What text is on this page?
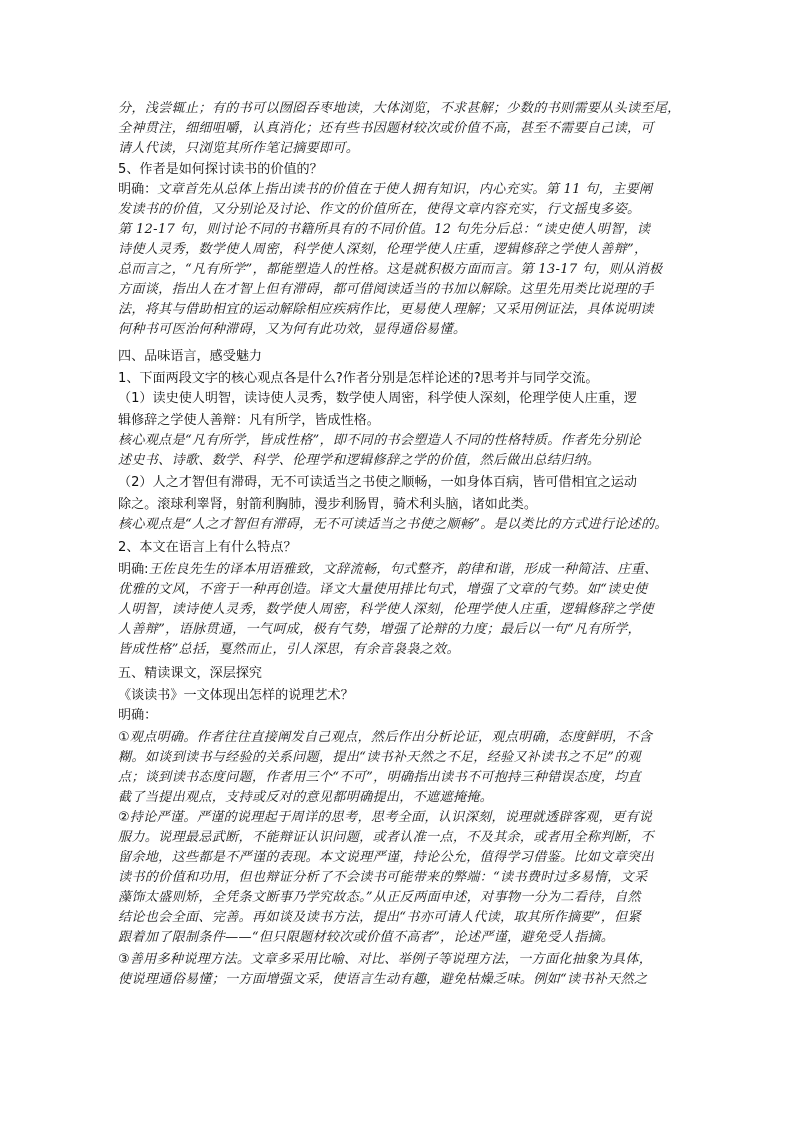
分，浅尝辄止；有的书可以囫囵吞枣地读，大体浏览，不求甚解；少数的书则需要从头读至尾，
全神贯注，细细咀嚼，认真消化；还有些书因题材较次或价值不高，甚至不需要自己读，可
请人代读，只浏览其所作笔记摘要即可。
5、作者是如何探讨读书的价值的？
明确：文章首先从总体上指出读书的价值在于使人拥有知识，内心充实。第 11 句，主要阐
发读书的价值，又分别论及讨论、作文的价值所在，使得文章内容充实，行文摇曳多姿。
第 12-17 句，则讨论不同的书籍所具有的不同价值。12 句先分后总：“读史使人明智，读
诗使人灵秀，数学使人周密，科学使人深刻，伦理学使人庄重，逻辑修辞之学使人善辩”，
总而言之，“凡有所学”，都能塑造人的性格。这是就积极方面而言。第 13-17 句，则从消极
方面谈，指出人在才智上但有滞碍，都可借阅读适当的书加以解除。这里先用类比说理的手
法，将其与借助相宜的运动解除相应疾病作比，更易使人理解；又采用例证法，具体说明读
何种书可医治何种滞碍，又为何有此功效，显得通俗易懂。
四、品味语言，感受魅力
1、下面两段文字的核心观点各是什么?作者分别是怎样论述的?思考并与同学交流。
（1）读史使人明智，读诗使人灵秀，数学使人周密，科学使人深刻，伦理学使人庄重，逻
辑修辞之学使人善辩：凡有所学，皆成性格。
核心观点是“凡有所学，皆成性格”，即不同的书会塑造人不同的性格特质。作者先分别论
述史书、诗歌、数学、科学、伦理学和逻辑修辞之学的价值，然后做出总结归纳。
（2）人之才智但有滞碍，无不可读适当之书使之顺畅，一如身体百病，皆可借相宜之运动
除之。滚球利睾肾，射箭利胸肺，漫步利肠胃，骑术利头脑，诸如此类。
核心观点是“人之才智但有滞碍，无不可读适当之书使之顺畅”。是以类比的方式进行论述的。
2、本文在语言上有什么特点？
明确:王佐良先生的译本用语雅致，文辞流畅，句式整齐，韵律和谐，形成一种简洁、庄重、
优雅的文风，不啻于一种再创造。译文大量使用排比句式，增强了文章的气势。如“读史使
人明智，读诗使人灵秀，数学使人周密，科学使人深刻，伦理学使人庄重，逻辑修辞之学使
人善辩”，语脉贯通，一气呵成，极有气势，增强了论辩的力度；最后以一句“凡有所学，
皆成性格”总括，戛然而止，引人深思，有余音袅袅之效。
五、精读课文，深层探究
《谈读书》一文体现出怎样的说理艺术？
明确：
①观点明确。作者往往直接阐发自己观点，然后作出分析论证，观点明确，态度鲜明，不含
糊。如谈到读书与经验的关系问题，提出“读书补天然之不足，经验又补读书之不足”的观
点；谈到读书态度问题，作者用三个“不可”，明确指出读书不可抱持三种错误态度，均直
截了当提出观点，支持或反对的意见都明确提出，不遮遮掩掩。
②持论严谨。严谨的说理起于周详的思考，思考全面，认识深刻，说理就透辟客观，更有说
服力。说理最忌武断，不能辩证认识问题，或者认准一点，不及其余，或者用全称判断，不
留余地，这些都是不严谨的表现。本文说理严谨，持论公允，值得学习借鉴。比如文章突出
读书的价值和功用，但也辩证分析了不会读书可能带来的弊端：“读书费时过多易惰，文采
藻饰太盛则矫，全凭条文断事乃学究故态。”从正反两面申述，对事物一分为二看待，自然
结论也会全面、完善。再如谈及读书方法，提出“书亦可请人代读，取其所作摘要”，但紧
跟着加了限制条件——“但只限题材较次或价值不高者”，论述严谨，避免受人指摘。
③善用多种说理方法。文章多采用比喻、对比、举例子等说理方法，一方面化抽象为具体，
使说理通俗易懂；一方面增强文采，使语言生动有趣，避免枯燥乏味。例如“读书补天然之
